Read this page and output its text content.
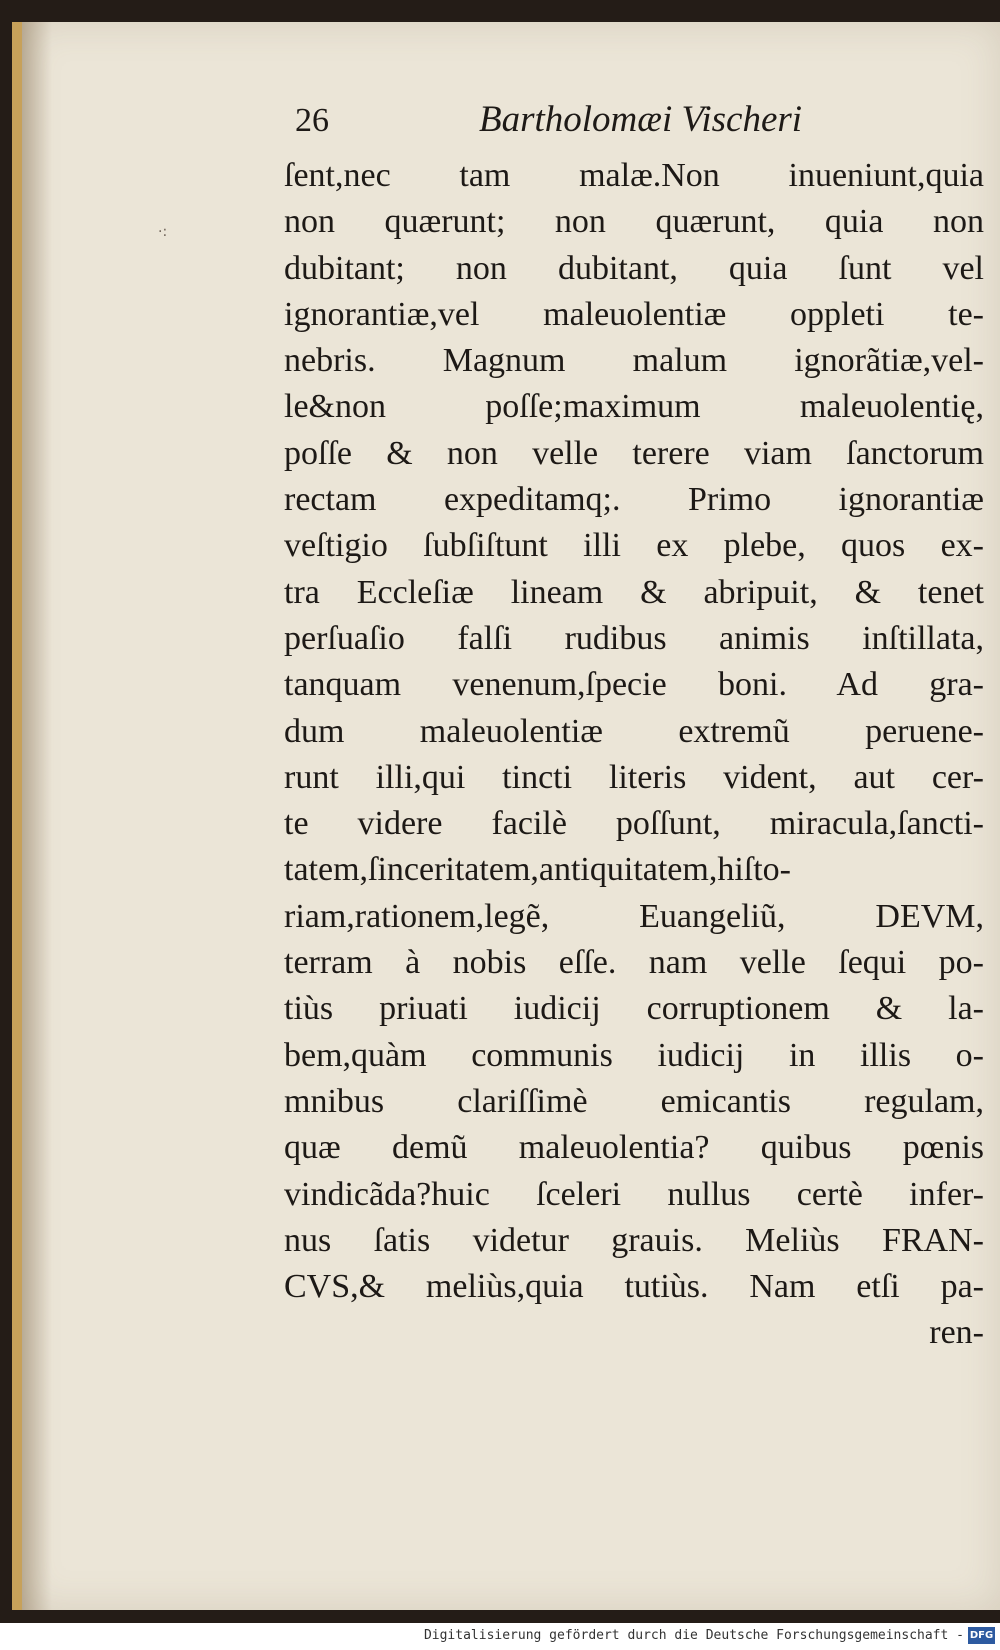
·:
26	Bartholomæi Vischeri
ſent,nec tam malæ.Non inueniunt,quia
non quærunt; non quærunt, quia non
dubitant; non dubitant, quia ſunt vel
ignorantiæ,vel maleuolentiæ oppleti te-
nebris. Magnum malum ignorãtiæ,vel-
le&non poſſe;maximum maleuolentię,
poſſe & non velle terere viam ſanctorum
rectam expeditamq;. Primo ignorantiæ
veſtigio ſubſiſtunt illi ex plebe, quos ex-
tra Eccleſiæ lineam & abripuit, & tenet
perſuaſio falſi rudibus animis inſtillata,
tanquam venenum,ſpecie boni. Ad gra-
dum maleuolentiæ extremũ peruene-
runt illi,qui tincti literis vident, aut cer-
te videre facilè poſſunt, miracula,ſancti-
tatem,ſinceritatem,antiquitatem,hiſto-
riam,rationem,legẽ, Euangeliũ, DEVM,
terram à nobis eſſe. nam velle ſequi po-
tiùs priuati iudicij corruptionem & la-
bem,quàm communis iudicij in illis o-
mnibus clariſſimè emicantis regulam,
quæ demũ maleuolentia? quibus pœnis
vindicãda?huic ſceleri nullus certè infer-
nus ſatis videtur grauis. Meliùs FRAN-
CVS,& meliùs,quia tutiùs. Nam etſi pa-
ren-
Digitalisierung gefördert durch die Deutsche Forschungsgemeinschaft - DFG
